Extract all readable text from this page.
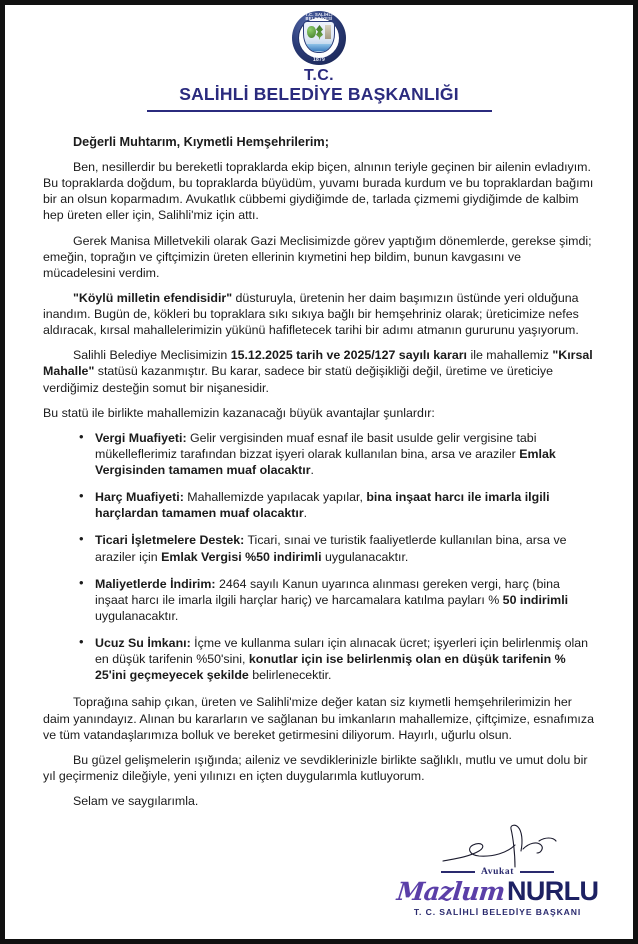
T.C. SALİHLİ BELEDİYESİ
1879
T.C.
SALİHLİ BELEDİYE BAŞKANLIĞI

Değerli Muhtarım, Kıymetli Hemşehrilerim;

Ben, nesillerdir bu bereketli topraklarda ekip biçen, alnının teriyle geçinen bir ailenin evladıyım. Bu topraklarda doğdum, bu topraklarda büyüdüm, yuvamı burada kurdum ve bu topraklardan bağımı bir an olsun koparmadım. Avukatlık cübbemi giydiğimde de, tarlada çizmemi giydiğimde de kalbim hep üreten eller için, Salihli'miz için attı.

Gerek Manisa Milletvekili olarak Gazi Meclisimizde görev yaptığım dönemlerde, gerekse şimdi; emeğin, toprağın ve çiftçimizin üreten ellerinin kıymetini hep bildim, bunun kavgasını ve mücadelesini verdim.

"Köylü milletin efendisidir" düsturuyla, üretenin her daim başımızın üstünde yeri olduğuna inandım. Bugün de, kökleri bu topraklara sıkı sıkıya bağlı bir hemşehriniz olarak; üreticimize nefes aldıracak, kırsal mahallelerimizin yükünü hafifletecek tarihi bir adımı atmanın gururunu yaşıyorum.

Salihli Belediye Meclisimizin 15.12.2025 tarih ve 2025/127 sayılı kararı ile mahallemiz "Kırsal Mahalle" statüsü kazanmıştır. Bu karar, sadece bir statü değişikliği değil, üretime ve üreticiye verdiğimiz desteğin somut bir nişanesidir.

Bu statü ile birlikte mahallemizin kazanacağı büyük avantajlar şunlardır:

• Vergi Muafiyeti: Gelir vergisinden muaf esnaf ile basit usulde gelir vergisine tabi mükelleflerimiz tarafından bizzat işyeri olarak kullanılan bina, arsa ve araziler Emlak Vergisinden tamamen muaf olacaktır.
• Harç Muafiyeti: Mahallemizde yapılacak yapılar, bina inşaat harcı ile imarla ilgili harçlardan tamamen muaf olacaktır.
• Ticari İşletmelere Destek: Ticari, sınai ve turistik faaliyetlerde kullanılan bina, arsa ve araziler için Emlak Vergisi %50 indirimli uygulanacaktır.
• Maliyetlerde İndirim: 2464 sayılı Kanun uyarınca alınması gereken vergi, harç (bina inşaat harcı ile imarla ilgili harçlar hariç) ve harcamalara katılma payları % 50 indirimli uygulanacaktır.
• Ucuz Su İmkanı: İçme ve kullanma suları için alınacak ücret; işyerleri için belirlenmiş olan en düşük tarifenin %50'sini, konutlar için ise belirlenmiş olan en düşük tarifenin % 25'ini geçmeyecek şekilde belirlenecektir.

Toprağına sahip çıkan, üreten ve Salihli'mize değer katan siz kıymetli hemşehrilerimizin her daim yanındayız. Alınan bu kararların ve sağlanan bu imkanların mahallemize, çiftçimize, esnafımıza ve tüm vatandaşlarımıza bolluk ve bereket getirmesini diliyorum. Hayırlı, uğurlu olsun.

Bu güzel gelişmelerin ışığında; aileniz ve sevdiklerinizle birlikte sağlıklı, mutlu ve umut dolu bir yıl geçirmeniz dileğiyle, yeni yılınızı en içten duygularımla kutluyorum.

Selam ve saygılarımla.

Avukat
Mazlum NURLU
T. C. SALİHLİ BELEDİYE BAŞKANI
